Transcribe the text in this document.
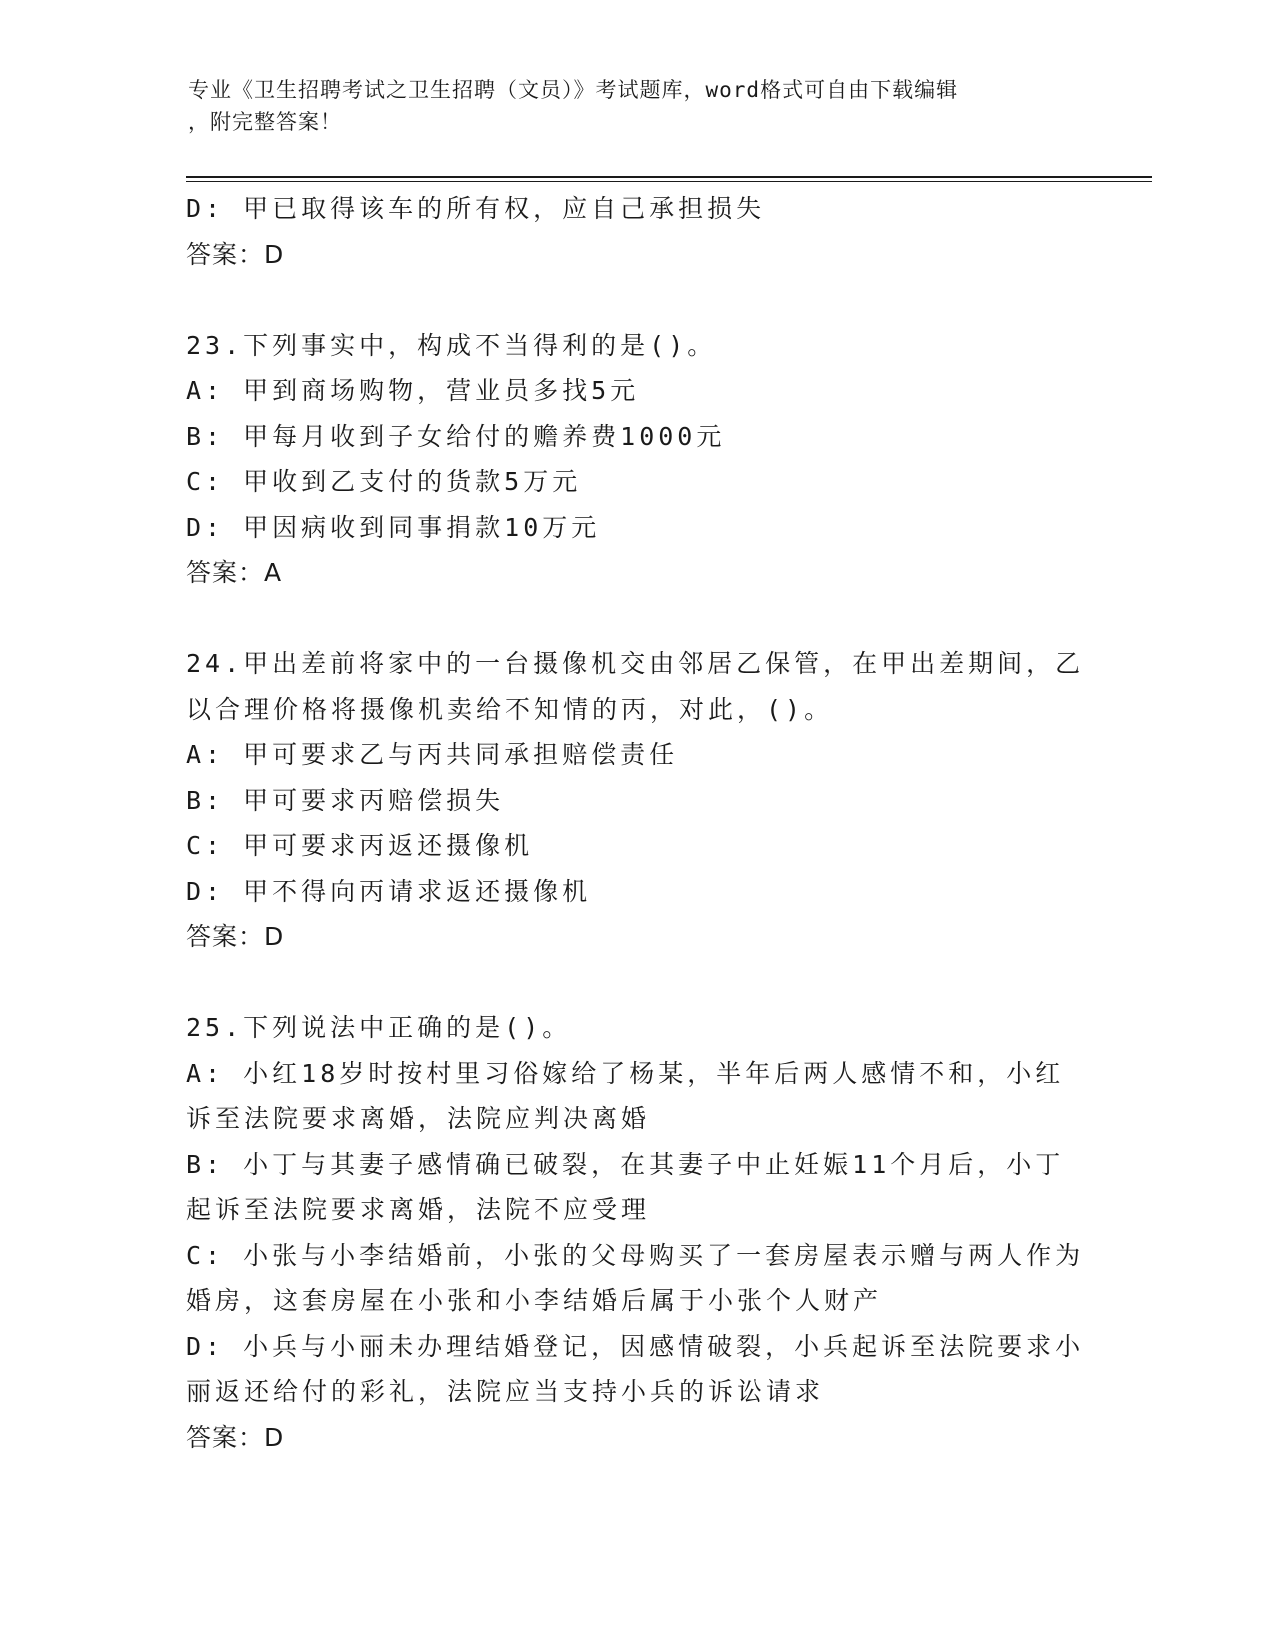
专业《卫生招聘考试之卫生招聘（文员）》考试题库，word格式可自由下载编辑
，附完整答案！
D: 甲已取得该车的所有权，应自己承担损失
答案：D
23.下列事实中，构成不当得利的是()。
A: 甲到商场购物，营业员多找5元
B: 甲每月收到子女给付的赡养费1000元
C: 甲收到乙支付的货款5万元
D: 甲因病收到同事捐款10万元
答案：A
24.甲出差前将家中的一台摄像机交由邻居乙保管，在甲出差期间，乙
以合理价格将摄像机卖给不知情的丙，对此，()。
A: 甲可要求乙与丙共同承担赔偿责任
B: 甲可要求丙赔偿损失
C: 甲可要求丙返还摄像机
D: 甲不得向丙请求返还摄像机
答案：D
25.下列说法中正确的是()。
A: 小红18岁时按村里习俗嫁给了杨某，半年后两人感情不和，小红
诉至法院要求离婚，法院应判决离婚
B: 小丁与其妻子感情确已破裂，在其妻子中止妊娠11个月后，小丁
起诉至法院要求离婚，法院不应受理
C: 小张与小李结婚前，小张的父母购买了一套房屋表示赠与两人作为
婚房，这套房屋在小张和小李结婚后属于小张个人财产
D: 小兵与小丽未办理结婚登记，因感情破裂，小兵起诉至法院要求小
丽返还给付的彩礼，法院应当支持小兵的诉讼请求
答案：D
